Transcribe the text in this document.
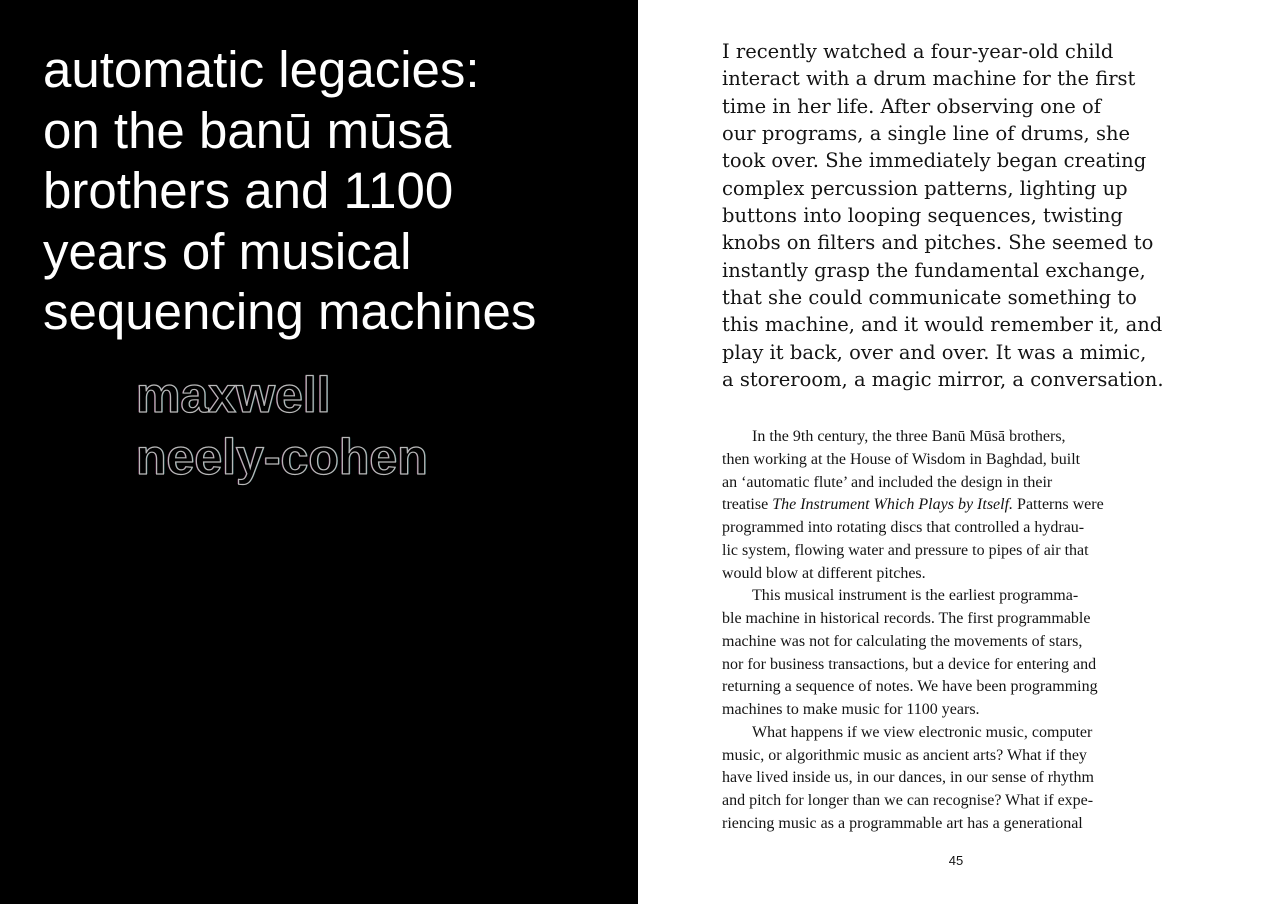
automatic legacies:
on the banū mūsā
brothers and 1100
years of musical
sequencing machines
maxwell
neely-cohen

I recently watched a four-year-old child
interact with a drum machine for the first
time in her life. After observing one of
our programs, a single line of drums, she
took over. She immediately began creating
complex percussion patterns, lighting up
buttons into looping sequences, twisting
knobs on filters and pitches. She seemed to
instantly grasp the fundamental exchange,
that she could communicate something to
this machine, and it would remember it, and
play it back, over and over. It was a mimic,
a storeroom, a magic mirror, a conversation.

In the 9th century, the three Banū Mūsā brothers,
then working at the House of Wisdom in Baghdad, built
an ‘automatic flute’ and included the design in their
treatise The Instrument Which Plays by Itself. Patterns were
programmed into rotating discs that controlled a hydrau-
lic system, flowing water and pressure to pipes of air that
would blow at different pitches.
This musical instrument is the earliest programma-
ble machine in historical records. The first programmable
machine was not for calculating the movements of stars,
nor for business transactions, but a device for entering and
returning a sequence of notes. We have been programming
machines to make music for 1100 years.
What happens if we view electronic music, computer
music, or algorithmic music as ancient arts? What if they
have lived inside us, in our dances, in our sense of rhythm
and pitch for longer than we can recognise? What if expe-
riencing music as a programmable art has a generational
45
